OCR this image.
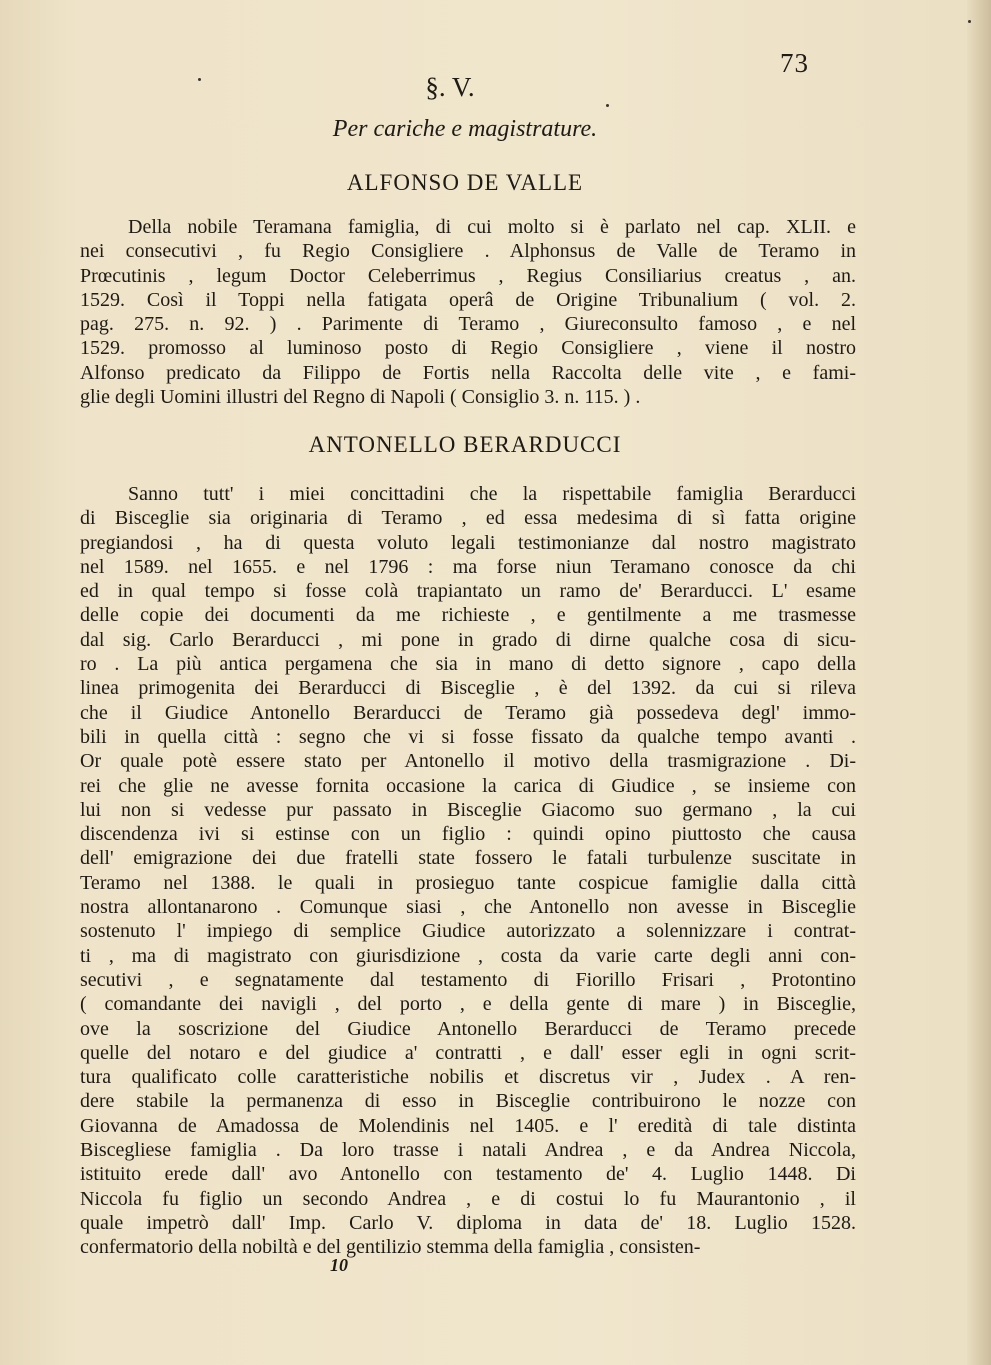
73
§. V.
Per cariche e magistrature.
ALFONSO DE VALLE
Della nobile Teramana famiglia, di cui molto si è parlato nel cap. XLII. e
nei consecutivi , fu Regio Consigliere . Alphonsus de Valle de Teramo in
Prœcutinis , legum Doctor Celeberrimus , Regius Consiliarius creatus , an.
1529. Così il Toppi nella fatigata operâ de Origine Tribunalium ( vol. 2.
pag. 275. n. 92. ) . Parimente di Teramo , Giureconsulto famoso , e nel
1529. promosso al luminoso posto di Regio Consigliere , viene il nostro
Alfonso predicato da Filippo de Fortis nella Raccolta delle vite , e fami-
glie degli Uomini illustri del Regno di Napoli ( Consiglio 3. n. 115. ) .
ANTONELLO BERARDUCCI
Sanno tutt' i miei concittadini che la rispettabile famiglia Berarducci
di Bisceglie sia originaria di Teramo , ed essa medesima di sì fatta origine
pregiandosi , ha di questa voluto legali testimonianze dal nostro magistrato
nel 1589. nel 1655. e nel 1796 : ma forse niun Teramano conosce da chi
ed in qual tempo si fosse colà trapiantato un ramo de' Berarducci. L' esame
delle copie dei documenti da me richieste , e gentilmente a me trasmesse
dal sig. Carlo Berarducci , mi pone in grado di dirne qualche cosa di sicu-
ro . La più antica pergamena che sia in mano di detto signore , capo della
linea primogenita dei Berarducci di Bisceglie , è del 1392. da cui si rileva
che il Giudice Antonello Berarducci de Teramo già possedeva degl' immo-
bili in quella città : segno che vi si fosse fissato da qualche tempo avanti .
Or quale potè essere stato per Antonello il motivo della trasmigrazione . Di-
rei che glie ne avesse fornita occasione la carica di Giudice , se insieme con
lui non si vedesse pur passato in Bisceglie Giacomo suo germano , la cui
discendenza ivi si estinse con un figlio : quindi opino piuttosto che causa
dell' emigrazione dei due fratelli state fossero le fatali turbulenze suscitate in
Teramo nel 1388. le quali in prosieguo tante cospicue famiglie dalla città
nostra allontanarono . Comunque siasi , che Antonello non avesse in Bisceglie
sostenuto l' impiego di semplice Giudice autorizzato a solennizzare i contrat-
ti , ma di magistrato con giurisdizione , costa da varie carte degli anni con-
secutivi , e segnatamente dal testamento di Fiorillo Frisari , Protontino
( comandante dei navigli , del porto , e della gente di mare ) in Bisceglie,
ove la soscrizione del Giudice Antonello Berarducci de Teramo precede
quelle del notaro e del giudice a' contratti , e dall' esser egli in ogni scrit-
tura qualificato colle caratteristiche nobilis et discretus vir , Judex . A ren-
dere stabile la permanenza di esso in Bisceglie contribuirono le nozze con
Giovanna de Amadossa de Molendinis nel 1405. e l' eredità di tale distinta
Biscegliese famiglia . Da loro trasse i natali Andrea , e da Andrea Niccola,
istituito erede dall' avo Antonello con testamento de' 4. Luglio 1448. Di
Niccola fu figlio un secondo Andrea , e di costui lo fu Maurantonio , il
quale impetrò dall' Imp. Carlo V. diploma in data de' 18. Luglio 1528.
confermatorio della nobiltà e del gentilizio stemma della famiglia , consisten-
10
